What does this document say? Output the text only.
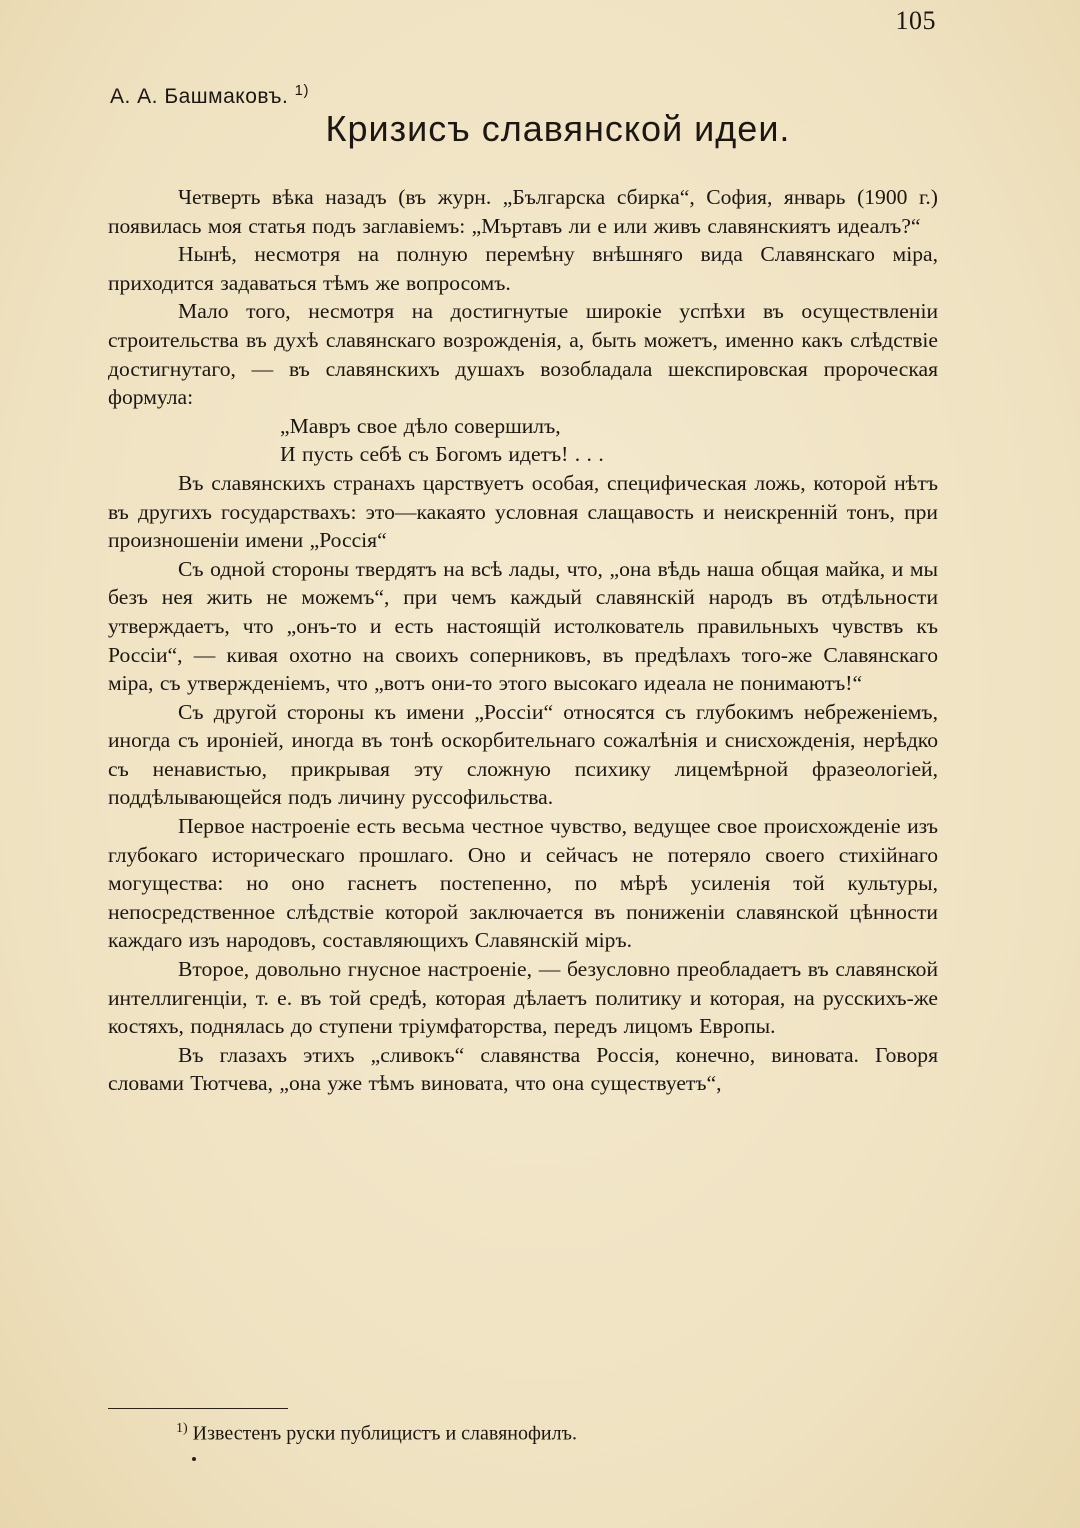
105
А. А. Башмаковъ. $^{1)}$
Кризисъ славянской идеи.

Четверть вѣка назадъ (въ журн. „Българска сбирка“, София, январь (1900 г.) появилась моя статья подъ заглавіемъ: „Мъртавъ ли е или живъ славянскиятъ идеалъ?“

Нынѣ, несмотря на полную перемѣну внѣшняго вида Славянскаго міра, приходится задаваться тѣмъ же вопросомъ.

Мало того, несмотря на достигнутые широкіе успѣхи въ осуществленіи строительства въ духѣ славянскаго возрожденія, а, быть можетъ, именно какъ слѣдствіе достигнутаго, — въ славянскихъ душахъ возобладала шекспировская пророческая формула:

„Мавръ свое дѣло совершилъ,

И пусть себѣ съ Богомъ идетъ! . . .

Въ славянскихъ странахъ царствуетъ особая, специфическая ложь, которой нѣтъ въ другихъ государствахъ: это—какаято условная слащавость и неискренній тонъ, при произношеніи имени „Россія“

Съ одной стороны твердятъ на всѣ лады, что, „она вѣдь наша общая майка, и мы безъ нея жить не можемъ“, при чемъ каждый славянскій народъ въ отдѣльности утверждаетъ, что „онъ-то и есть настоящій истолкователь правильныхъ чувствъ къ Россіи“, — кивая охотно на своихъ соперниковъ, въ предѣлахъ того-же Славянскаго міра, съ утвержденіемъ, что „вотъ они-то этого высокаго идеала не понимаютъ!“

Съ другой стороны къ имени „Россіи“ относятся съ глубокимъ небреженіемъ, иногда съ ироніей, иногда въ тонѣ оскорбительнаго сожалѣнія и снисхожденія, нерѣдко съ ненавистью, прикрывая эту сложную психику лицемѣрной фразеологіей, поддѣлывающейся подъ личину руссофильства.

Первое настроеніе есть весьма честное чувство, ведущее свое происхожденіе изъ глубокаго историческаго прошлаго. Оно и сейчасъ не потеряло своего стихійнаго могущества: но оно гаснетъ постепенно, по мѣрѣ усиленія той культуры, непосредственное слѣдствіе которой заключается въ пониженіи славянской цѣнности каждаго изъ народовъ, составляющихъ Славянскій міръ.

Второе, довольно гнусное настроеніе, — безусловно преобладаетъ въ славянской интеллигенціи, т. е. въ той средѣ, которая дѣлаетъ политику и которая, на русскихъ-же костяхъ, поднялась до ступени тріумфаторства, передъ лицомъ Европы.

Въ глазахъ этихъ „сливокъ“ славянства Россія, конечно, виновата. Говоря словами Тютчева, „она уже тѣмъ виновата, что она существуетъ“,

$^{1)}$ Известенъ руски публицистъ и славянофилъ.
